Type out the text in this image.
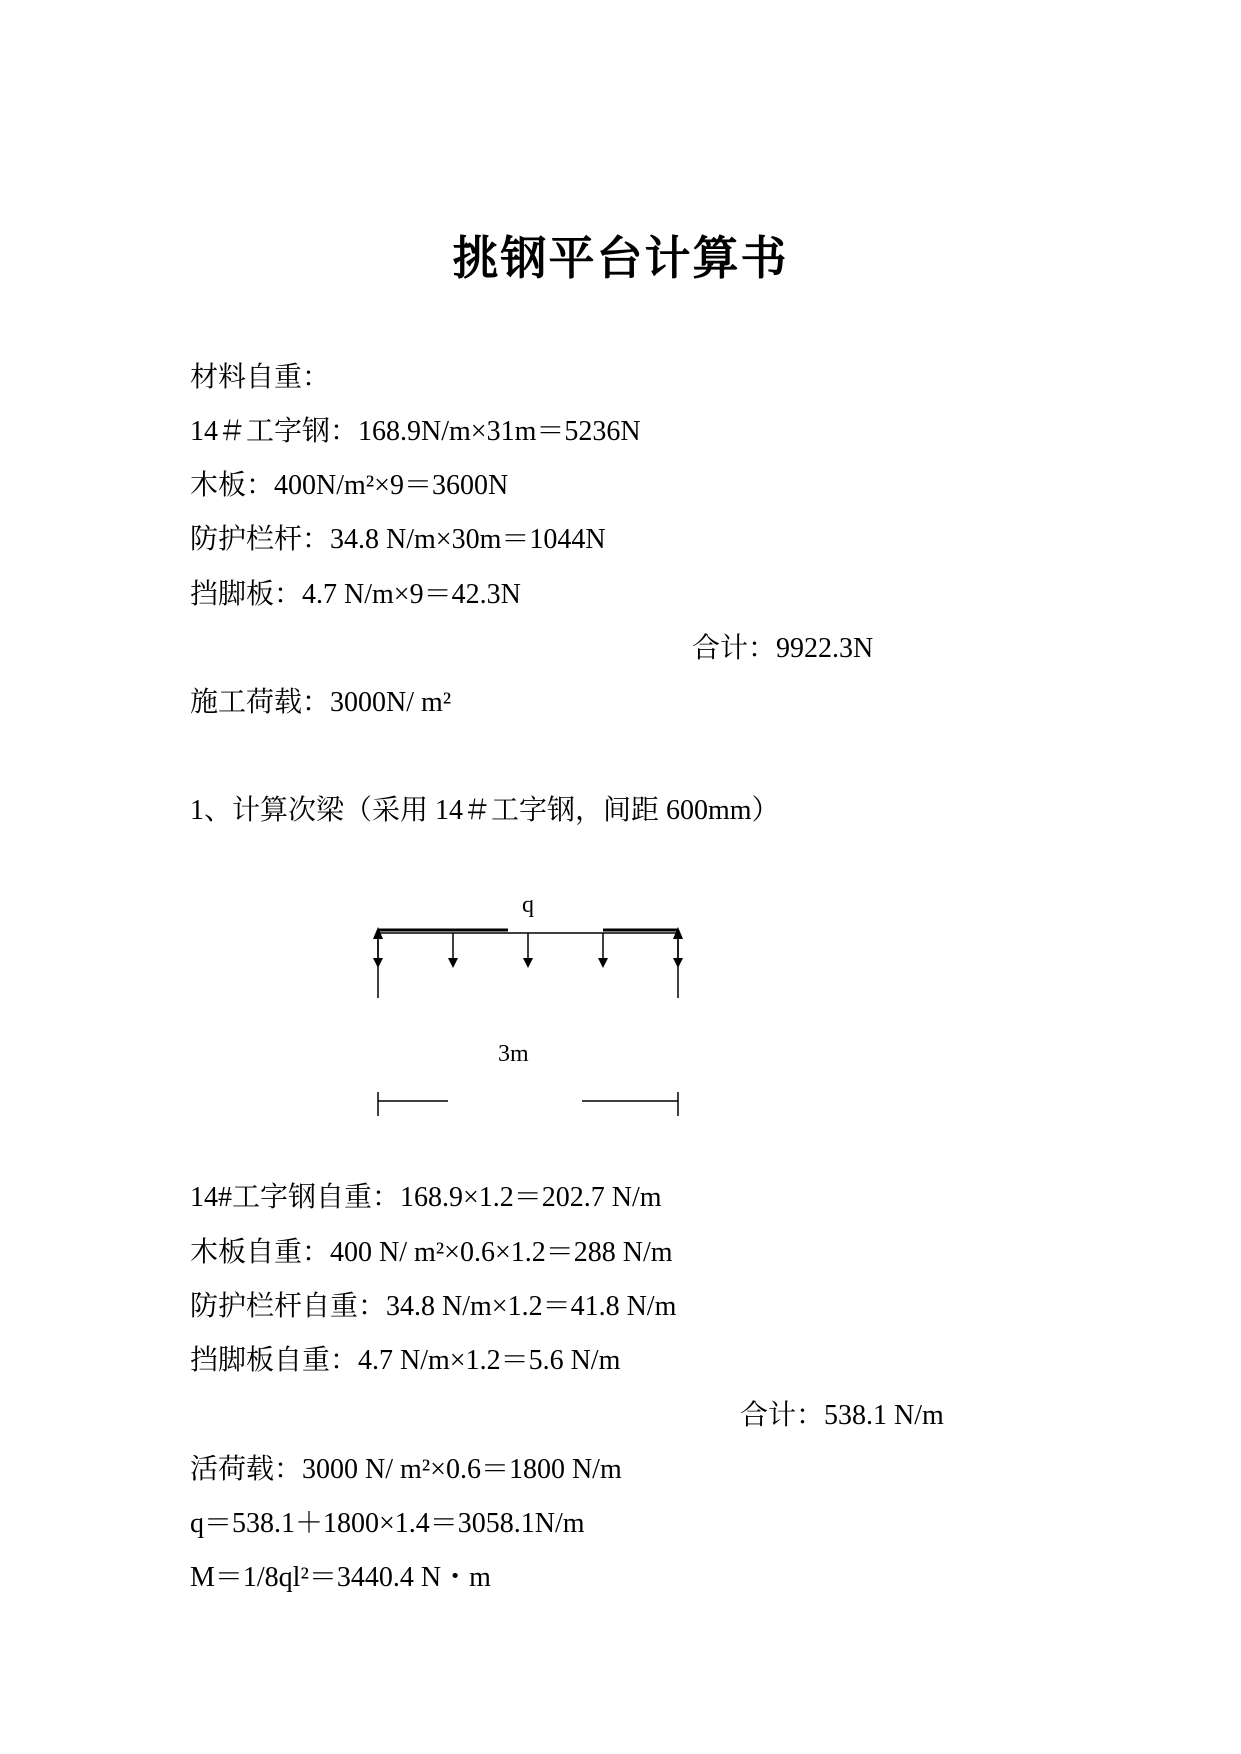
挑钢平台计算书
材料自重：
14＃工字钢：168.9N/m×31m＝5236N
木板：400N/m²×9＝3600N
防护栏杆：34.8 N/m×30m＝1044N
挡脚板：4.7 N/m×9＝42.3N
合计：9922.3N
施工荷载：3000N/ m²
1、计算次梁（采用 14＃工字钢，间距 600mm）
q
3m
14#工字钢自重：168.9×1.2＝202.7 N/m
木板自重：400 N/ m²×0.6×1.2＝288 N/m
防护栏杆自重：34.8 N/m×1.2＝41.8 N/m
挡脚板自重：4.7 N/m×1.2＝5.6 N/m
合计：538.1 N/m
活荷载：3000 N/ m²×0.6＝1800 N/m
q＝538.1＋1800×1.4＝3058.1N/m
M＝1/8ql²＝3440.4 N・m
